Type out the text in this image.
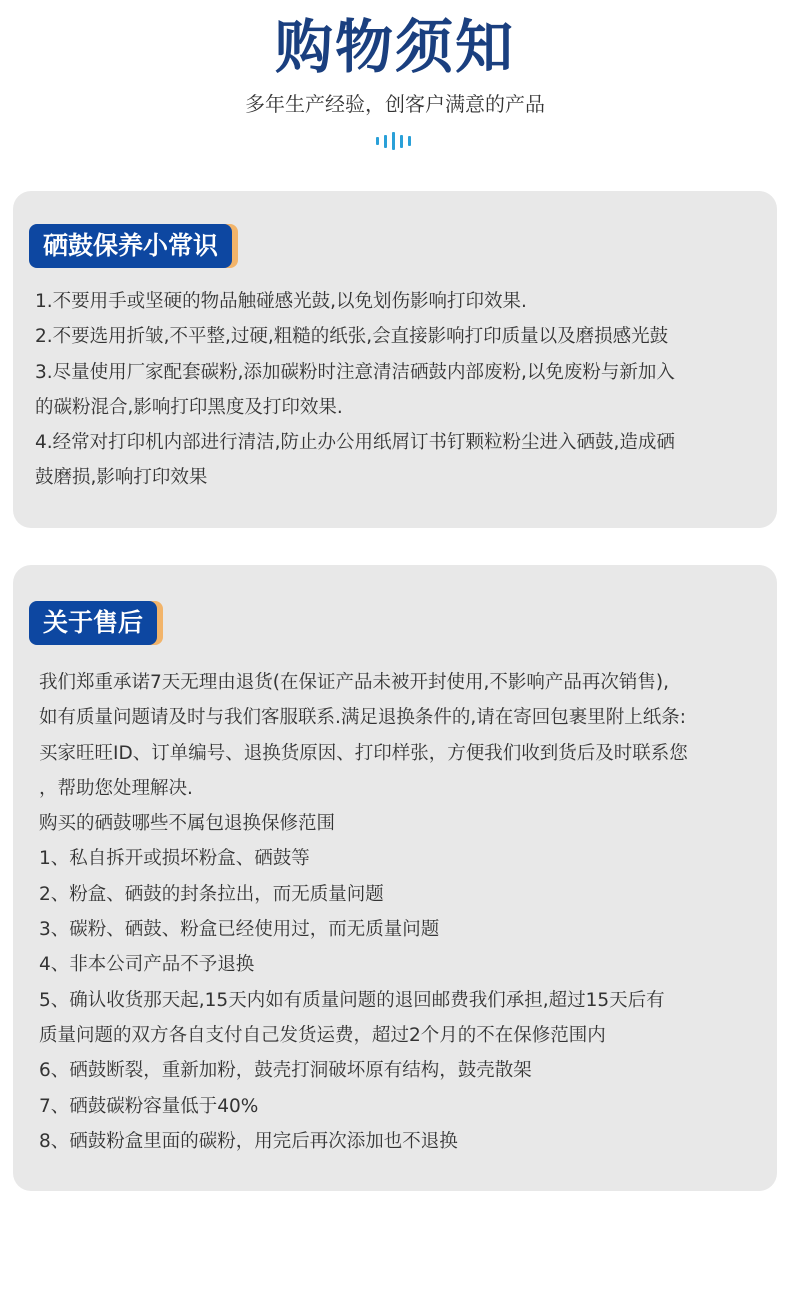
购物须知
多年生产经验，创客户满意的产品
硒鼓保养小常识

1.不要用手或坚硬的物品触碰感光鼓,以免划伤影响打印效果.

2.不要选用折皱,不平整,过硬,粗糙的纸张,会直接影响打印质量以及磨损感光鼓

3.尽量使用厂家配套碳粉,添加碳粉时注意清洁硒鼓内部废粉,以免废粉与新加入

的碳粉混合,影响打印黑度及打印效果.

4.经常对打印机内部进行清洁,防止办公用纸屑订书钉颗粒粉尘进入硒鼓,造成硒

鼓磨损,影响打印效果

关于售后

我们郑重承诺7天无理由退货(在保证产品未被开封使用,不影响产品再次销售),

如有质量问题请及时与我们客服联系.满足退换条件的,请在寄回包裹里附上纸条:

买家旺旺ID、订单编号、退换货原因、打印样张，方便我们收到货后及时联系您

，帮助您处理解决.

购买的硒鼓哪些不属包退换保修范围

1、私自拆开或损坏粉盒、硒鼓等

2、粉盒、硒鼓的封条拉出，而无质量问题

3、碳粉、硒鼓、粉盒已经使用过，而无质量问题

4、非本公司产品不予退换

5、确认收货那天起,15天内如有质量问题的退回邮费我们承担,超过15天后有

质量问题的双方各自支付自己发货运费，超过2个月的不在保修范围内

6、硒鼓断裂，重新加粉，鼓壳打洞破坏原有结构，鼓壳散架

7、硒鼓碳粉容量低于40%

8、硒鼓粉盒里面的碳粉，用完后再次添加也不退换
